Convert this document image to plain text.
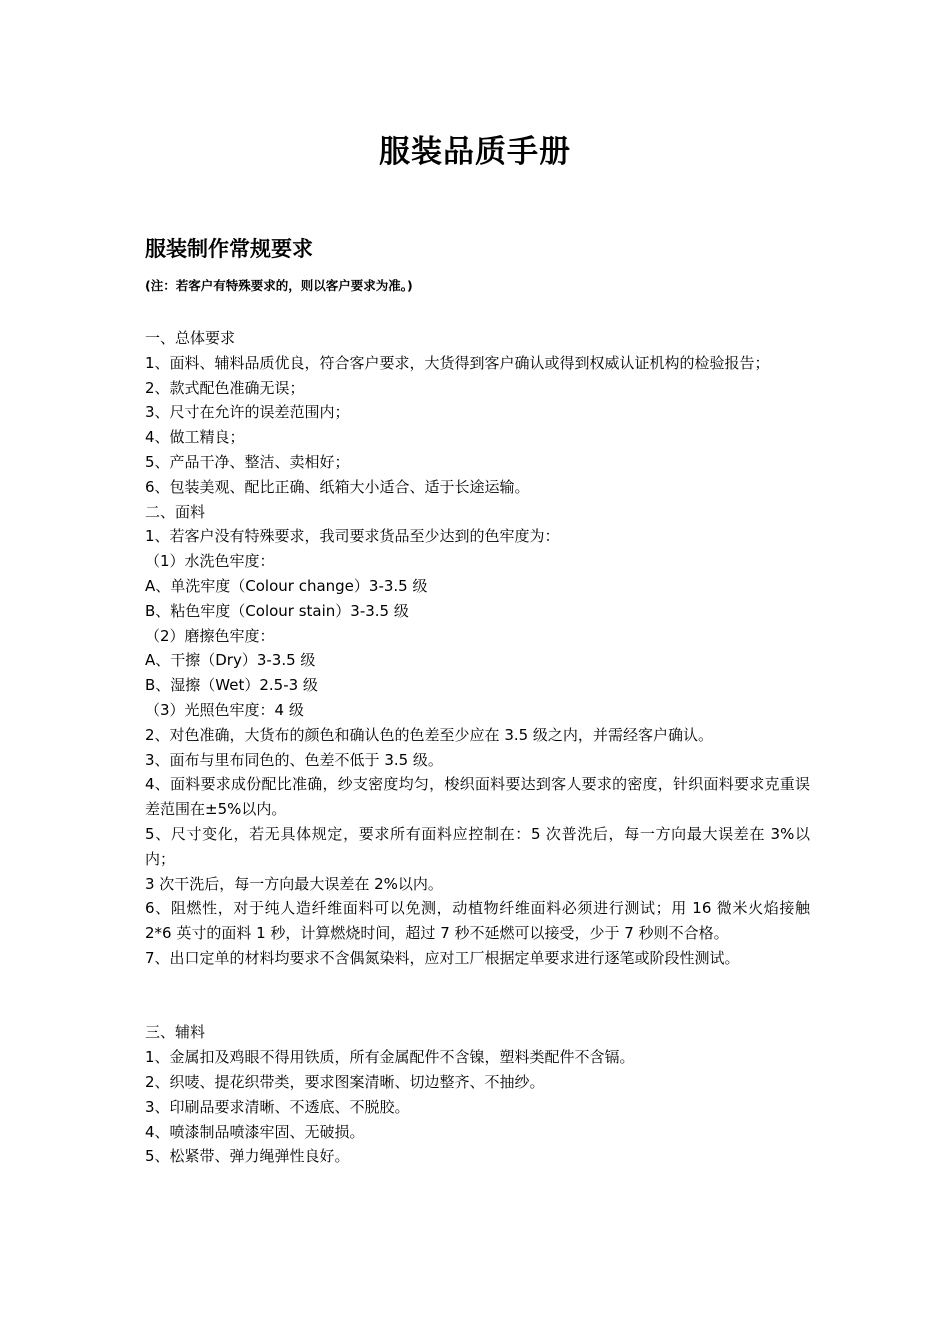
服装品质手册
服装制作常规要求
(注：若客户有特殊要求的，则以客户要求为准。)

一、总体要求

1、面料、辅料品质优良，符合客户要求，大货得到客户确认或得到权威认证机构的检验报告；

2、款式配色准确无误；

3、尺寸在允许的误差范围内；

4、做工精良；

5、产品干净、整洁、卖相好；

6、包装美观、配比正确、纸箱大小适合、适于长途运输。

二、面料

1、若客户没有特殊要求，我司要求货品至少达到的色牢度为：

（1）水洗色牢度：

A、单洗牢度（Colour change）3-3.5 级

B、粘色牢度（Colour stain）3-3.5 级

（2）磨擦色牢度：

A、干擦（Dry）3-3.5 级

B、湿擦（Wet）2.5-3 级

（3）光照色牢度：4 级

2、对色准确，大货布的颜色和确认色的色差至少应在 3.5 级之内，并需经客户确认。

3、面布与里布同色的、色差不低于 3.5 级。

4、面料要求成份配比准确，纱支密度均匀，梭织面料要达到客人要求的密度，针织面料要求克重误差范围在±5%以内。

5、尺寸变化，若无具体规定，要求所有面料应控制在：5 次普洗后，每一方向最大误差在 3%以内；

3 次干洗后，每一方向最大误差在 2%以内。

6、阻燃性，对于纯人造纤维面料可以免测，动植物纤维面料必须进行测试；用 16 微米火焰接触 2*6 英寸的面料 1 秒，计算燃烧时间，超过 7 秒不延燃可以接受，少于 7 秒则不合格。

7、出口定单的材料均要求不含偶氮染料，应对工厂根据定单要求进行逐笔或阶段性测试。

三、辅料

1、金属扣及鸡眼不得用铁质，所有金属配件不含镍，塑料类配件不含镉。

2、织唛、提花织带类，要求图案清晰、切边整齐、不抽纱。

3、印刷品要求清晰、不透底、不脱胶。

4、喷漆制品喷漆牢固、无破损。

5、松紧带、弹力绳弹性良好。
